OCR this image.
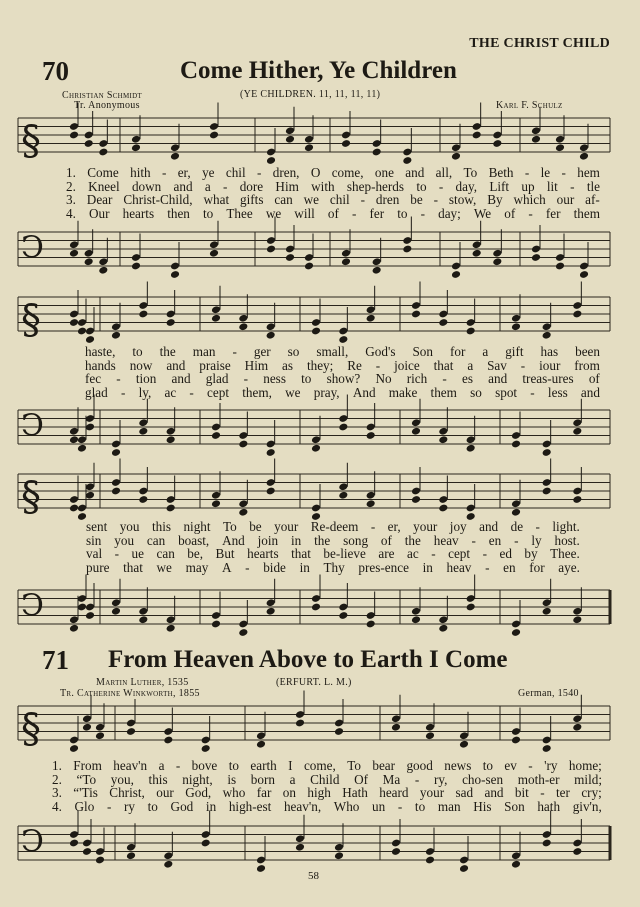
THE CHRIST CHILD
70	Come Hither, Ye Children
Christian Schmidt
Tr. Anonymous
(YE CHILDREN. 11, 11, 11, 11)
Karl F. Schulz
1. Come hith - er, ye chil - dren, O come, one and all, To Beth - le - hem
2. Kneel down and a - dore Him with shep-herds to - day, Lift up lit - tle
3. Dear Christ-Child, what gifts can we chil - dren be - stow, By which our af-
4. Our hearts then to Thee we will of - fer to - day; We of - fer them
haste, to the man - ger so small, God's Son for a gift has been
hands now and praise Him as they; Re - joice that a Sav - iour from
fec - tion and glad - ness to show? No rich - es and treas-ures of
glad - ly, ac - cept them, we pray, And make them so spot - less and
sent you this night To be your Re-deem - er, your joy and de - light.
sin you can boast, And join in the song of the heav - en - ly host.
val - ue can be, But hearts that be-lieve are ac - cept - ed by Thee.
pure that we may A - bide in Thy pres-ence in heav - en for aye.
71 From Heaven Above to Earth I Come
Martin Luther, 1535
Tr. Catherine Winkworth, 1855
(ERFURT. L. M.)
German, 1540
1. From heav'n a - bove to earth I come, To bear good news to ev - 'ry home;
2. “To you, this night, is born a Child Of Ma - ry, cho-sen moth-er mild;
3. “'Tis Christ, our God, who far on high Hath heard your sad and bit - ter cry;
4. Glo - ry to God in high-est heav'n, Who un - to man His Son hath giv'n,
58
§
Ↄ
§
Ↄ
§
Ↄ
§
Ↄ
